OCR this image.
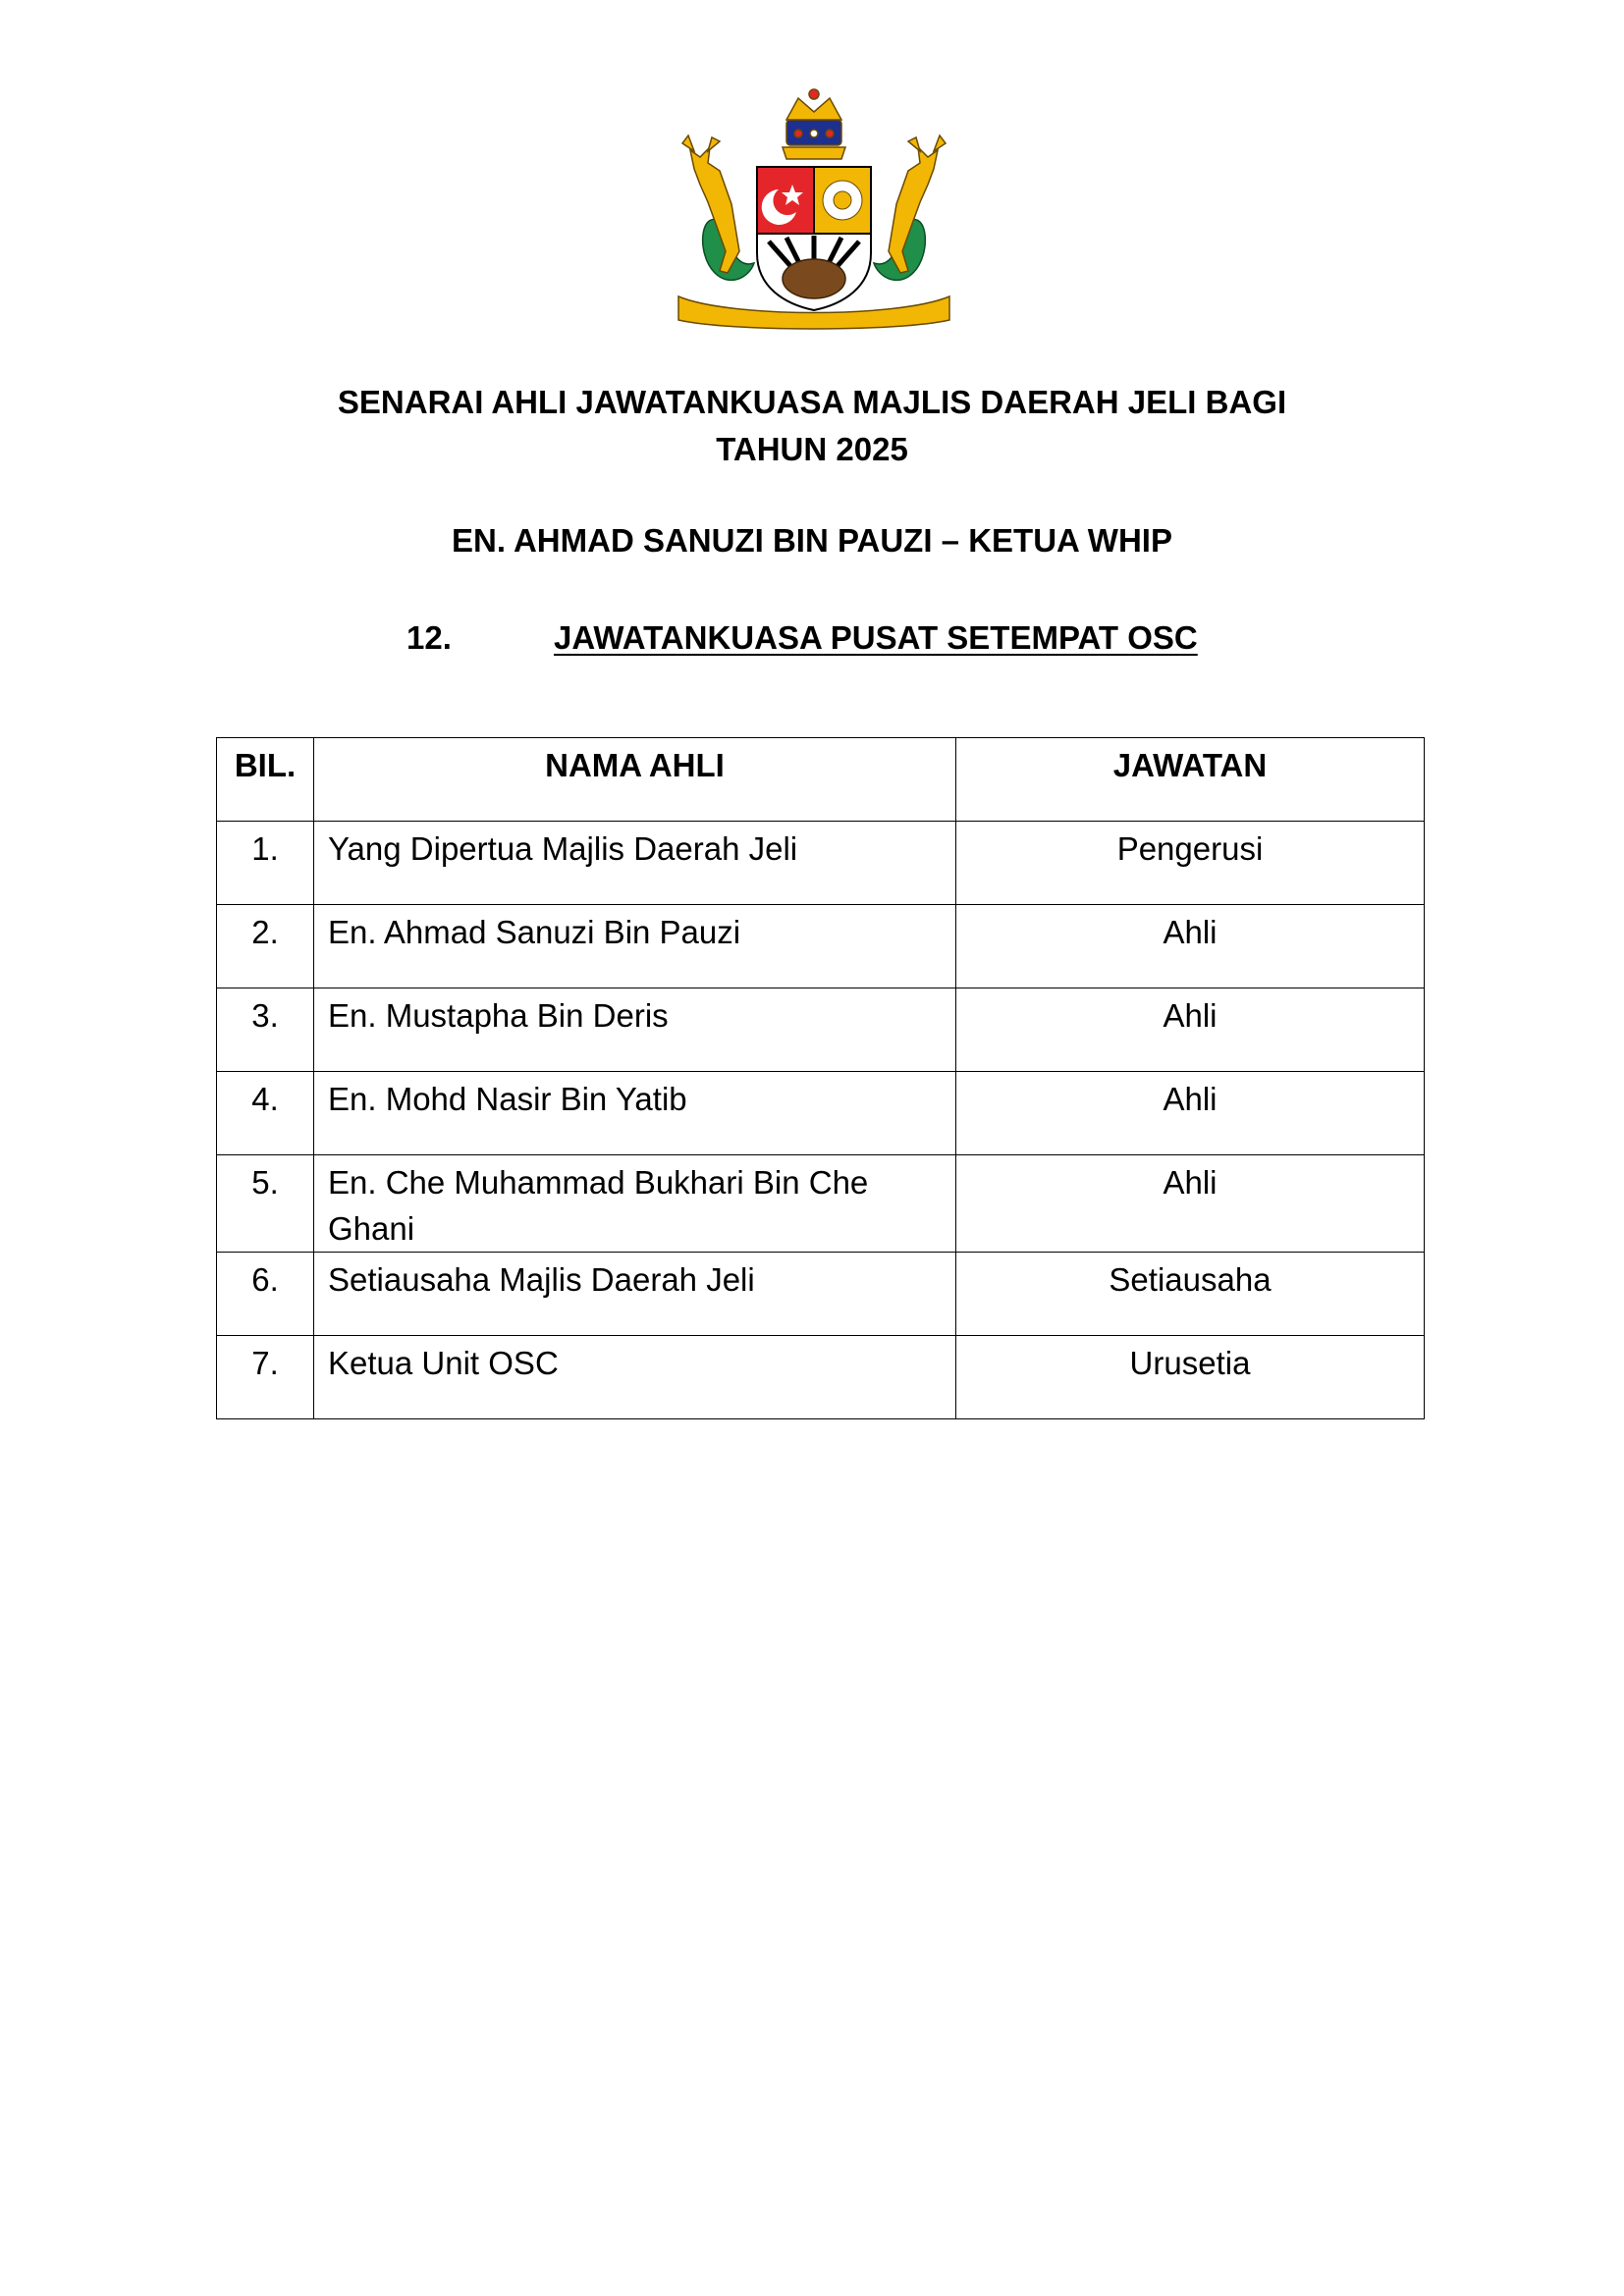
SENARAI AHLI JAWATANKUASA MAJLIS DAERAH JELI BAGI
TAHUN 2025
EN. AHMAD SANUZI BIN PAUZI – KETUA WHIP
12.	JAWATANKUASA PUSAT SETEMPAT OSC
BIL.	NAMA AHLI	JAWATAN
1.	Yang Dipertua Majlis Daerah Jeli	Pengerusi
2.	En. Ahmad Sanuzi Bin Pauzi	Ahli
3.	En. Mustapha Bin Deris	Ahli
4.	En. Mohd Nasir Bin Yatib	Ahli
5.	En. Che Muhammad Bukhari Bin Che Ghani	Ahli
6.	Setiausaha Majlis Daerah Jeli	Setiausaha
7.	Ketua Unit OSC	Urusetia
